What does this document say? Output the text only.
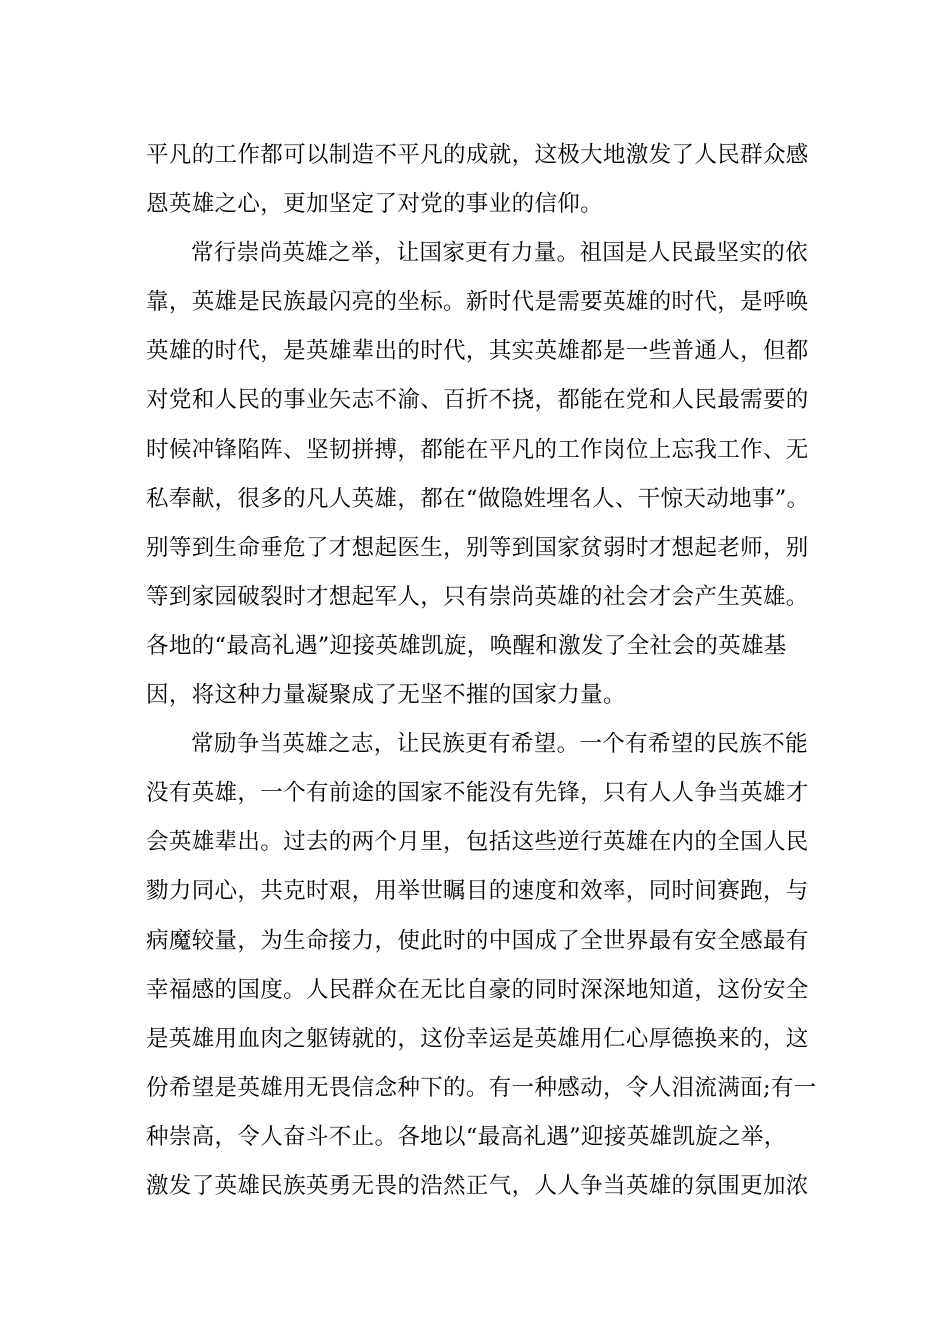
平凡的工作都可以制造不平凡的成就，这极大地激发了人民群众感
恩英雄之心，更加坚定了对党的事业的信仰。
常行崇尚英雄之举，让国家更有力量。祖国是人民最坚实的依
靠，英雄是民族最闪亮的坐标。新时代是需要英雄的时代，是呼唤
英雄的时代，是英雄辈出的时代，其实英雄都是一些普通人，但都
对党和人民的事业矢志不渝、百折不挠，都能在党和人民最需要的
时候冲锋陷阵、坚韧拼搏，都能在平凡的工作岗位上忘我工作、无
私奉献，很多的凡人英雄，都在“做隐姓埋名人、干惊天动地事”。
别等到生命垂危了才想起医生，别等到国家贫弱时才想起老师，别
等到家园破裂时才想起军人，只有崇尚英雄的社会才会产生英雄。
各地的“最高礼遇”迎接英雄凯旋，唤醒和激发了全社会的英雄基
因，将这种力量凝聚成了无坚不摧的国家力量。
常励争当英雄之志，让民族更有希望。一个有希望的民族不能
没有英雄，一个有前途的国家不能没有先锋，只有人人争当英雄才
会英雄辈出。过去的两个月里，包括这些逆行英雄在内的全国人民
勠力同心，共克时艰，用举世瞩目的速度和效率，同时间赛跑，与
病魔较量，为生命接力，使此时的中国成了全世界最有安全感最有
幸福感的国度。人民群众在无比自豪的同时深深地知道，这份安全
是英雄用血肉之躯铸就的，这份幸运是英雄用仁心厚德换来的，这
份希望是英雄用无畏信念种下的。有一种感动，令人泪流满面;有一
种崇高，令人奋斗不止。各地以“最高礼遇”迎接英雄凯旋之举，
激发了英雄民族英勇无畏的浩然正气，人人争当英雄的氛围更加浓
